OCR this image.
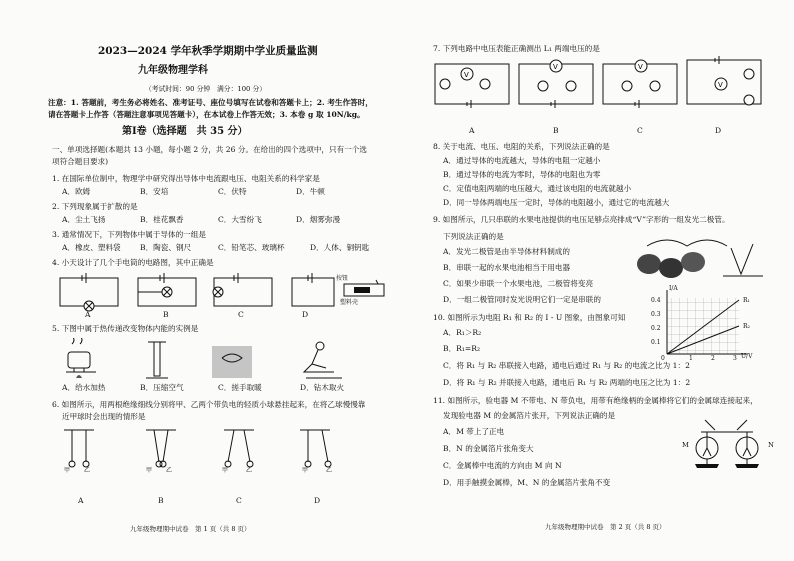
2023—2024 学年秋季学期期中学业质量监测
九年级物理学科
（考试时间：90 分钟　满分：100 分）
注意：1. 答题前，考生务必将姓名、准考证号、座位号填写在试卷和答题卡上；2. 考生作答时，
请在答题卡上作答（答题注意事项见答题卡），在本试卷上作答无效；3. 本卷 g 取 10N/kg。
第Ⅰ卷（选择题　共 35 分）
一、单项选择题(本题共 13 小题，每小题 2 分，共 26 分。在给出的四个选项中，只有一个选
项符合题目要求)
1. 在国际单位制中，物理学中研究得出导体中电流跟电压、电阻关系的科学家是
A．欧姆	B．安培	C．伏特	D．牛顿
2. 下列现象属于扩散的是
A．尘土飞扬	B．桂花飘香	C．大雪纷飞	D．烟雾弥漫
3. 通常情况下，下列物体中属于导体的一组是
A．橡皮、塑料袋	B．陶瓷、钢尺	C．铅笔芯、玻璃杯	D．人体、铜钥匙
4. 小天设计了几个手电筒的电路图，其中正确是
A	B	C	D
按钮
塑料壳
5. 下图中属于热传递改变物体内能的实例是
A．给水加热	B．压缩空气	C．搓手取暖	D．钻木取火
6. 如图所示，用两根绝缘细线分别将甲、乙两个带负电的轻质小球悬挂起来，在将乙球慢慢靠
近甲球时会出现的情形是
甲 乙	甲 乙	甲	乙	甲	乙
A	B	C	D
九年级物理期中试卷　第 1 页（共 8 页）
7. 下列电路中电压表能正确测出 L₁ 两端电压的是
V
V	V
V
A	B	C	D
8. 关于电流、电压、电阻的关系，下列说法正确的是
A．通过导体的电流越大，导体的电阻一定越小
B．通过导体的电流为零时，导体的电阻也为零
C．定值电阻两端的电压越大，通过该电阻的电流就越小
D．同一导体两端电压一定时，导体的电阻越小，通过它的电流越大
9. 如图所示，几只串联的水果电池提供的电压足够点亮排成“V”字形的一组发光二极管。
下列说法正确的是
A．发光二极管是由半导体材料制成的
B．串联一起的水果电池相当于用电器
C．如果少串联一个水果电池，二极管将变亮
D．一组二极管同时发光说明它们一定是串联的
10. 如图所示为电阻 R₁ 和 R₂ 的 I - U 图象，由图象可知
A．R₁＞R₂
B．R₁=R₂
C．将 R₁ 与 R₂ 串联接入电路，通电后通过 R₁ 与 R₂ 的电流之比为 1：2
D．将 R₁ 与 R₂ 并联接入电路，通电后 R₁ 与 R₂ 两端的电压之比为 1：2
I/A
U/V
R₁
R₂
0.4
0.3
0.2
0.1
0	1	2	3
11. 如图所示，验电器 M 不带电、N 带负电，用带有绝缘柄的金属棒将它们的金属球连接起来，
发现验电器 M 的金属箔片张开，下列说法正确的是
A．M 带上了正电
B．N 的金属箔片张角变大
C．金属棒中电流的方向由 M 向 N
D．用手触摸金属棒，M、N 的金属箔片张角不变
M	N
九年级物理期中试卷　第 2 页（共 8 页）
